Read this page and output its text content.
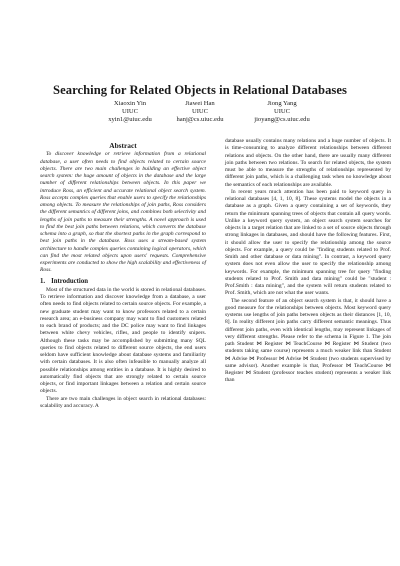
Searching for Related Objects in Relational Databases
Xiaoxin Yin
UIUC
xyin1@uiuc.edu
Jiawei Han
UIUC
hanj@cs.uiuc.edu
Jiong Yang
UIUC
jioyang@cs.uiuc.edu
Abstract

To discover knowledge or retrieve information from a relational database, a user often needs to find objects related to certain source objects. There are two main challenges in building an effective object search system: the huge amount of objects in the database and the large number of different relationships between objects. In this paper we introduce Ross, an efficient and accurate relational object search system. Ross accepts complex queries that enable users to specify the relationships among objects. To measure the relationships of join paths, Ross considers the different semantics of different joins, and combines both selectivity and lengths of join paths to measure their strengths. A novel approach is used to find the best join paths between relations, which converts the database schema into a graph, so that the shortest paths in the graph correspond to best join paths in the database. Ross uses a stream-based system architecture to handle complex queries containing logical operators, which can find the most related objects upon users' requests. Comprehensive experiments are conducted to show the high scalability and effectiveness of Ross.

1. Introduction

Most of the structured data in the world is stored in relational databases. To retrieve information and discover knowledge from a database, a user often needs to find objects related to certain source objects. For example, a new graduate student may want to know professors related to a certain research area; an e-business company may want to find customers related to each brand of products; and the DC police may want to find linkages between white chevy vehicles, rifles, and people to identify snipers. Although these tasks may be accomplished by submitting many SQL queries to find objects related to different source objects, the end users seldom have sufficient knowledge about database systems and familiarity with certain databases. It is also often infeasible to manually analyze all possible relationships among entities in a database. It is highly desired to automatically find objects that are strongly related to certain source objects, or find important linkages between a relation and certain source objects.

There are two main challenges in object search in relational databases: scalability and accuracy. A

database usually contains many relations and a huge number of objects. It is time-consuming to analyze different relationships between different relations and objects. On the other hand, there are usually many different join paths between two relations. To search for related objects, the system must be able to measure the strengths of relationships represented by different join paths, which is a challenging task when no knowledge about the semantics of each relationships are available.

In recent years much attention has been paid to keyword query in relational databases [4, 1, 10, 8]. These systems model the objects in a database as a graph. Given a query containing a set of keywords, they return the minimum spanning trees of objects that contain all query words. Unlike a keyword query system, an object search system searches for objects in a target relation that are linked to a set of source objects through strong linkages in databases, and should have the following features. First, it should allow the user to specify the relationship among the source objects. For example, a query could be "finding students related to Prof. Smith and other database or data mining". In contrast, a keyword query system does not even allow the user to specify the relationship among keywords. For example, the minimum spanning tree for query "finding students related to Prof. Smith and data mining" could be "student : Prof.Smith : data mining", and the system will return students related to Prof. Smith, which are not what the user wants.

The second feature of an object search system is that, it should have a good measure for the relationships between objects. Most keyword query systems use lengths of join paths between objects as their distances [1, 10, 8]. In reality different join paths carry different semantic meanings. Thus different join paths, even with identical lengths, may represent linkages of very different strengths. Please refer to the schema in Figure 1. The join path Student ⋈ Register ⋈ TeachCourse ⋈ Register ⋈ Student (two students taking same course) represents a much weaker link than Student ⋈ Advise ⋈ Professor ⋈ Advise ⋈ Student (two students supervised by same advisor). Another example is that, Professor ⋈ TeachCourse ⋈ Register ⋈ Student (professor teaches student) represents a weaker link than
